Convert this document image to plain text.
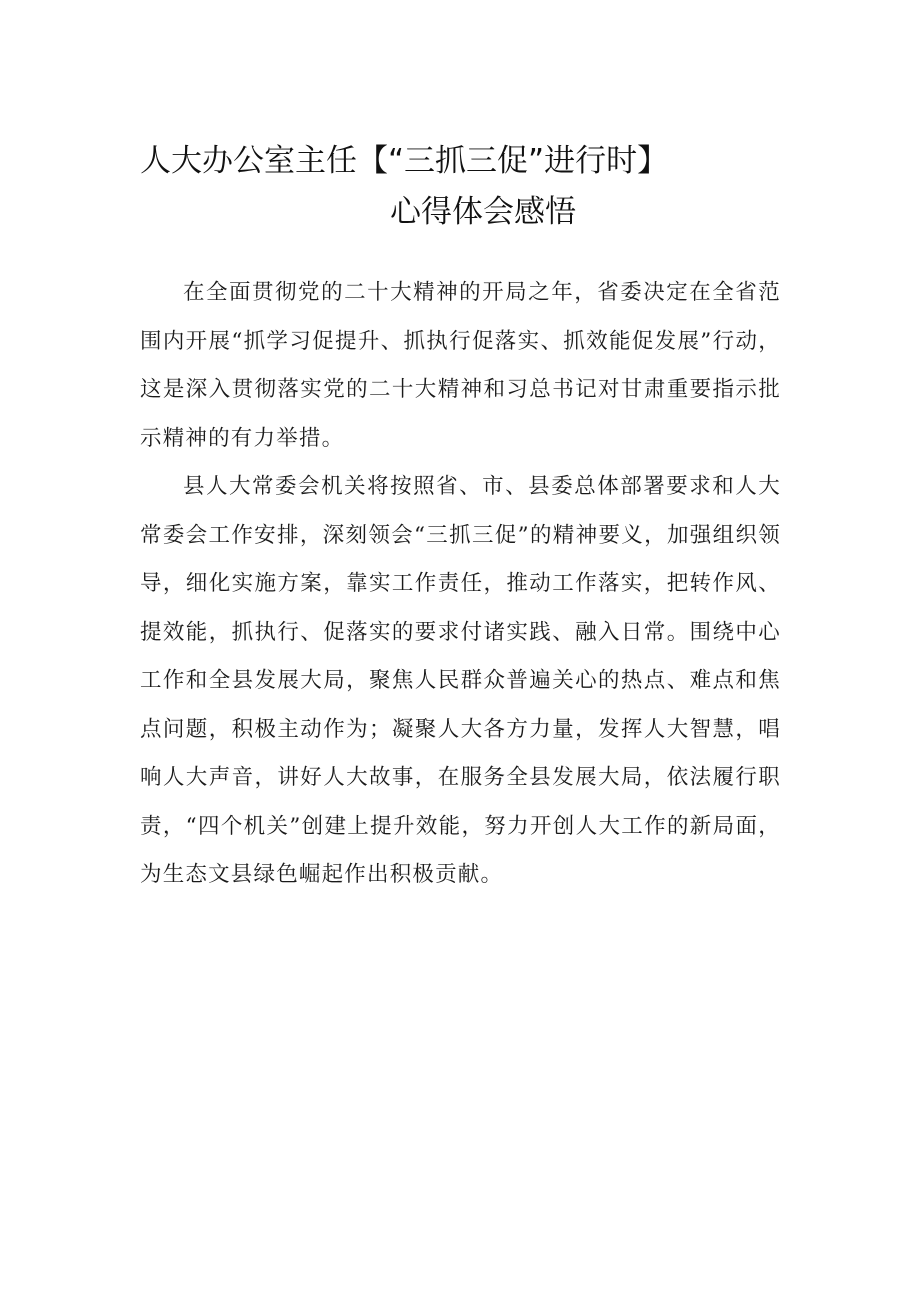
人大办公室主任【“三抓三促”进行时】
心得体会感悟

在全面贯彻党的二十大精神的开局之年，省委决定在全省范围内开展“抓学习促提升、抓执行促落实、抓效能促发展”行动，这是深入贯彻落实党的二十大精神和习总书记对甘肃重要指示批示精神的有力举措。

县人大常委会机关将按照省、市、县委总体部署要求和人大常委会工作安排，深刻领会“三抓三促”的精神要义，加强组织领导，细化实施方案，靠实工作责任，推动工作落实，把转作风、提效能，抓执行、促落实的要求付诸实践、融入日常。围绕中心工作和全县发展大局，聚焦人民群众普遍关心的热点、难点和焦点问题，积极主动作为；凝聚人大各方力量，发挥人大智慧，唱响人大声音，讲好人大故事，在服务全县发展大局，依法履行职责，“四个机关”创建上提升效能，努力开创人大工作的新局面，为生态文县绿色崛起作出积极贡献。
